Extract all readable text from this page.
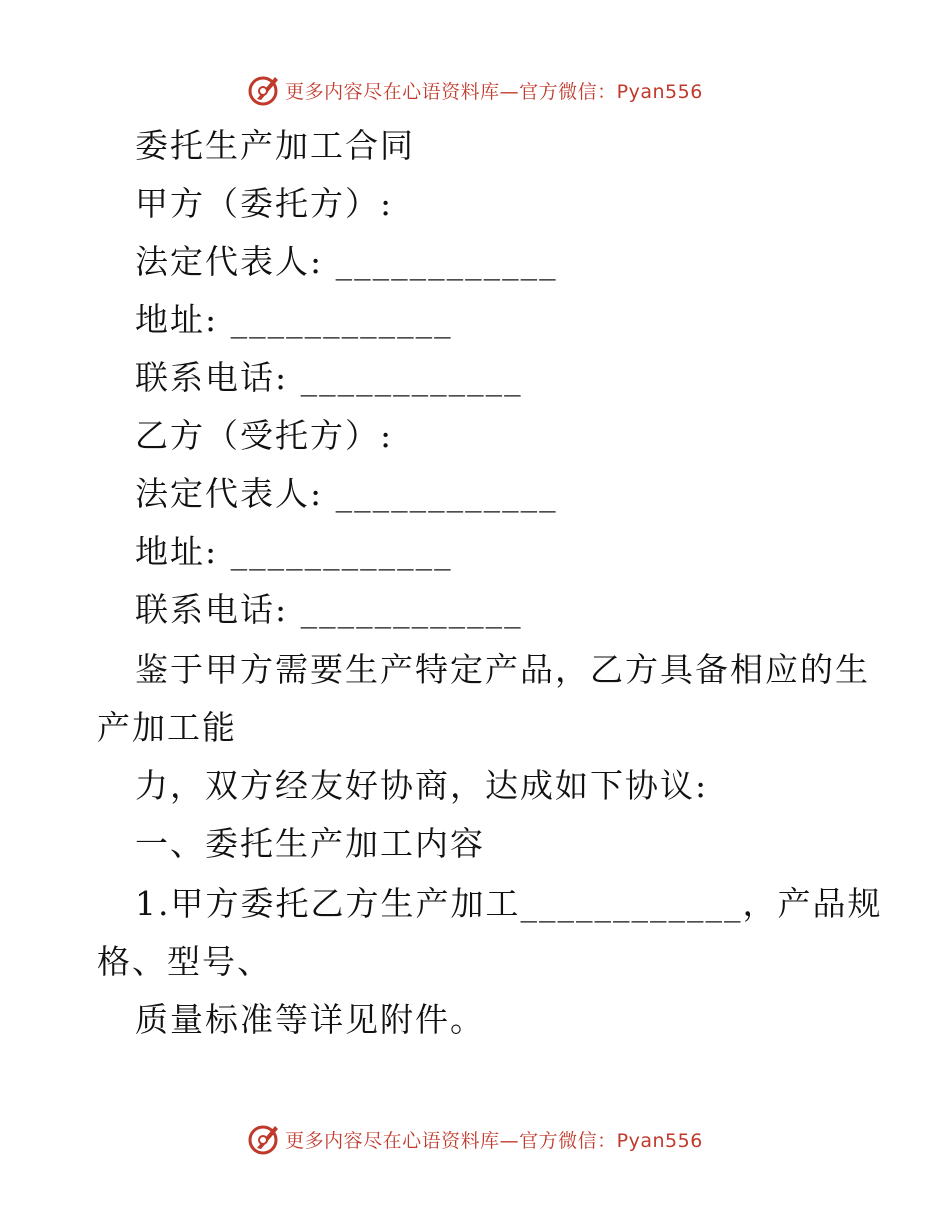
更多内容尽在心语资料库—官方微信：Pyan556
委托生产加工合同
甲方（委托方）:
法定代表人: ____________
地址: ____________
联系电话: ____________
乙方（受托方）:
法定代表人: ____________
地址: ____________
联系电话: ____________
鉴于甲方需要生产特定产品，乙方具备相应的生
产加工能
力，双方经友好协商，达成如下协议:
一、委托生产加工内容
1.甲方委托乙方生产加工____________，产品规
格、型号、
质量标准等详见附件。
更多内容尽在心语资料库—官方微信：Pyan556
